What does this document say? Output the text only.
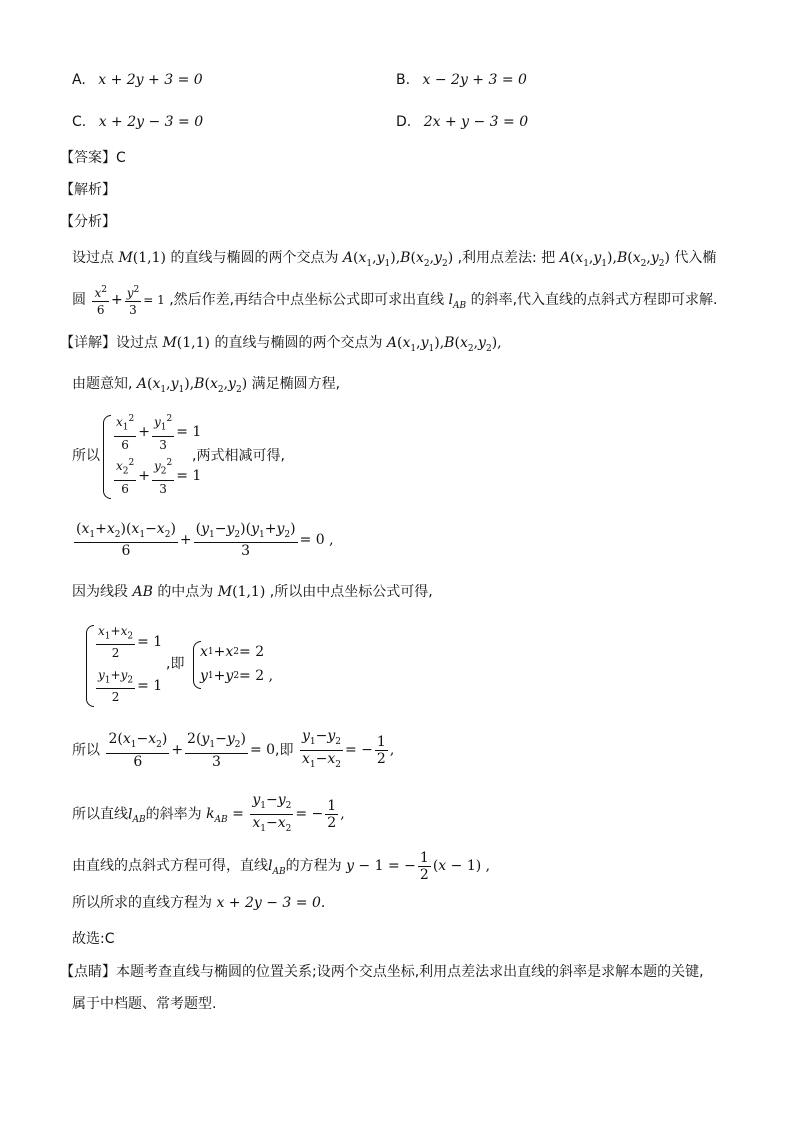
A. x + 2y + 3 = 0	B. x − 2y + 3 = 0
C. x + 2y − 3 = 0	D. 2x + y − 3 = 0
【答案】C
【解析】
【分析】
设过点 M(1,1) 的直线与椭圆的两个交点为 $A(x_1,y_1),B(x_2,y_2)$ ,利用点差法: 把 $A(x_1,y_1),B(x_2,y_2)$ 代入椭
圆 $\frac{x^2}{6} + \frac{y^2}{3} = 1$ ,然后作差,再结合中点坐标公式即可求出直线 $l_{AB}$ 的斜率,代入直线的点斜式方程即可求解.
【详解】设过点 M(1,1) 的直线与椭圆的两个交点为 $A(x_1,y_1),B(x_2,y_2)$,
由题意知, $A(x_1,y_1),B(x_2,y_2)$ 满足椭圆方程,
所以
$\frac{x_1^2}{6} + \frac{y_1^2}{3} = 1$
$\frac{x_2^2}{6} + \frac{y_2^2}{3} = 1$
,两式相减可得,
$\frac{(x_1+x_2)(x_1-x_2)}{6} + \frac{(y_1-y_2)(y_1+y_2)}{3} = 0$ ,
因为线段 AB 的中点为 M(1,1) ,所以由中点坐标公式可得,
$\frac{x_1+x_2}{2} = 1$
$\frac{y_1+y_2}{2} = 1$
,即
x 1 + x 2 = 2
y 1 + y 2 = 2 ,
所以 $\frac{2(x_1-x_2)}{6} + \frac{2(y_1-y_2)}{3} = 0$,即 $\frac{y_1-y_2}{x_1-x_2}$ = − $\frac{1}{2}$ ,
所以直线$l_{AB}$的斜率为 $k_{AB} = \frac{y_1-y_2}{x_1-x_2}$ = − $\frac{1}{2}$ ,
由直线的点斜式方程可得，直线$l_{AB}$的方程为 y − 1 = − $\frac{1}{2} (x - 1)$ ,
所以所求的直线方程为 x + 2y − 3 = 0.
故选:C
【点睛】本题考查直线与椭圆的位置关系;设两个交点坐标,利用点差法求出直线的斜率是求解本题的关键,
属于中档题、常考题型.
